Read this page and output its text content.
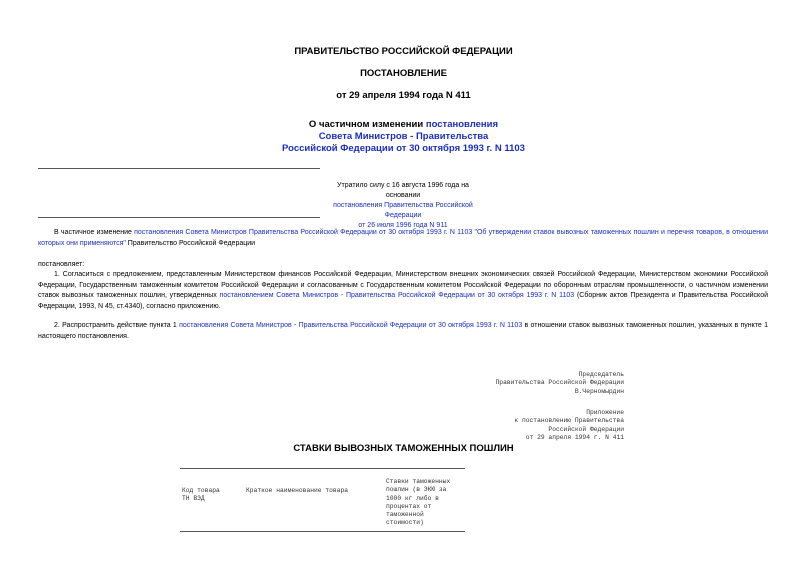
ПРАВИТЕЛЬСТВО РОССИЙСКОЙ ФЕДЕРАЦИИ
ПОСТАНОВЛЕНИЕ
от 29 апреля 1994 года N 411
О частичном изменении постановления
Совета Министров - Правительства
Российской Федерации от 30 октября 1993 г. N 1103
Утратило силу с 16 августа 1996 года на основании
постановления Правительства Российской Федерации
от 26 июля 1996 года N 911
В частичное изменение постановления Совета Министров Правительства Российской Федерации от 30 октября 1993 г. N 1103 "Об утверждении ставок вывозных таможенных пошлин и перечня товаров, в отношении которых они применяются" Правительство Российской Федерации
постановляет:
1. Согласиться с предложением, представленным Министерством финансов Российской Федерации, Министерством внешних экономических связей Российской Федерации, Министерством экономики Российской Федерации, Государственным таможенным комитетом Российской Федерации и согласованным с Государственным комитетом Российской Федерации по оборонным отраслям промышленности, о частичном изменении ставок вывозных таможенных пошлин, утвержденных постановлением Совета Министров - Правительства Российской Федерации от 30 октября 1993 г. N 1103 (Сборник актов Президента и Правительства Российской Федерации, 1993, N 45, ст.4340), согласно приложению.
2. Распространить действие пункта 1 постановления Совета Министров - Правительства Российской Федерации от 30 октября 1993 г. N 1103 в отношении ставок вывозных таможенных пошлин, указанных в пункте 1 настоящего постановления.
Председатель
Правительства Российской Федерации
В.Черномырдин
Приложение
к постановлению Правительства
Российской Федерации
от 29 апреля 1994 г. N 411
СТАВКИ ВЫВОЗНЫХ ТАМОЖЕННЫХ ПОШЛИН
Код товара
ТН ВЭД
Краткое наименование товара
Ставки таможенных
пошлин (в ЭКЮ за
1000 кг либо в
процентах от
таможенной
стоимости)
